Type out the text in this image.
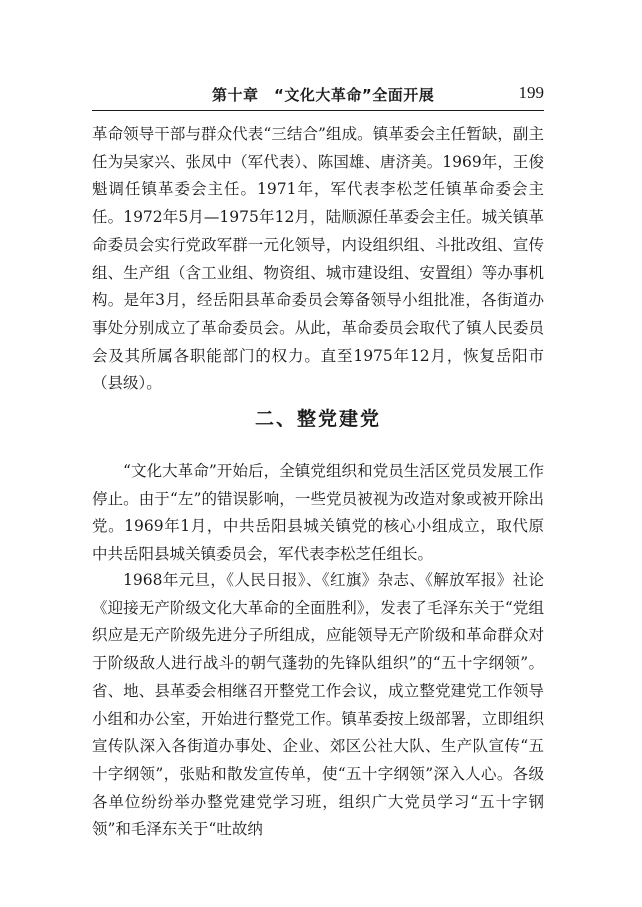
第十章　“文化大革命”全面开展	199

革命领导干部与群众代表“三结合”组成。镇革委会主任暂缺，副主任为吴家兴、张凤中（军代表）、陈国雄、唐济美。1969年，王俊魁调任镇革委会主任。1971年，军代表李松芝任镇革命委会主任。1972年5月—1975年12月，陆顺源任革委会主任。城关镇革命委员会实行党政军群一元化领导，内设组织组、斗批改组、宣传组、生产组（含工业组、物资组、城市建设组、安置组）等办事机构。是年3月，经岳阳县革命委员会筹备领导小组批准，各街道办事处分别成立了革命委员会。从此，革命委员会取代了镇人民委员会及其所属各职能部门的权力。直至1975年12月，恢复岳阳市（县级）。

二、整党建党

“文化大革命”开始后，全镇党组织和党员生活区党员发展工作停止。由于“左”的错误影响，一些党员被视为改造对象或被开除出党。1969年1月，中共岳阳县城关镇党的核心小组成立，取代原中共岳阳县城关镇委员会，军代表李松芝任组长。

1968年元旦，《人民日报》、《红旗》杂志、《解放军报》社论《迎接无产阶级文化大革命的全面胜利》，发表了毛泽东关于“党组织应是无产阶级先进分子所组成，应能领导无产阶级和革命群众对于阶级敌人进行战斗的朝气蓬勃的先锋队组织”的“五十字纲领”。省、地、县革委会相继召开整党工作会议，成立整党建党工作领导小组和办公室，开始进行整党工作。镇革委按上级部署，立即组织宣传队深入各街道办事处、企业、郊区公社大队、生产队宣传“五十字纲领”，张贴和散发宣传单，使“五十字纲领”深入人心。各级各单位纷纷举办整党建党学习班，组织广大党员学习“五十字钢领”和毛泽东关于“吐故纳
